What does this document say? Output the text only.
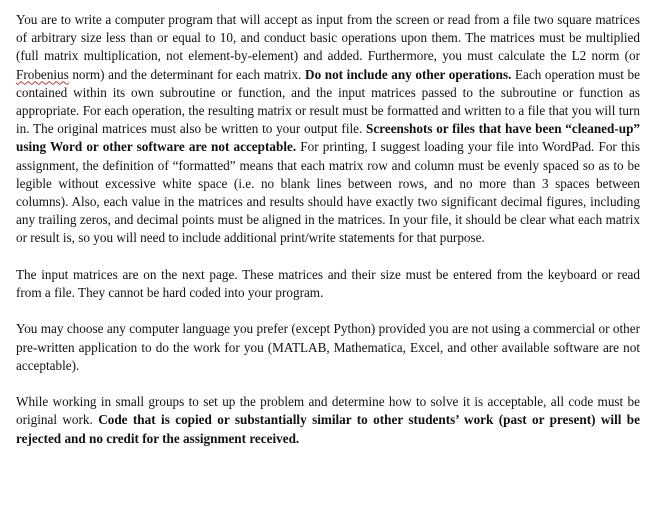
You are to write a computer program that will accept as input from the screen or read from a file two square matrices of arbitrary size less than or equal to 10, and conduct basic operations upon them. The matrices must be multiplied (full matrix multiplication, not element-by-element) and added. Furthermore, you must calculate the L2 norm (or Frobenius norm) and the determinant for each matrix. Do not include any other operations. Each operation must be contained within its own subroutine or function, and the input matrices passed to the subroutine or function as appropriate. For each operation, the resulting matrix or result must be formatted and written to a file that you will turn in. The original matrices must also be written to your output file. Screenshots or files that have been “cleaned-up” using Word or other software are not acceptable. For printing, I suggest loading your file into WordPad. For this assignment, the definition of “formatted” means that each matrix row and column must be evenly spaced so as to be legible without excessive white space (i.e. no blank lines between rows, and no more than 3 spaces between columns). Also, each value in the matrices and results should have exactly two significant decimal figures, including any trailing zeros, and decimal points must be aligned in the matrices. In your file, it should be clear what each matrix or result is, so you will need to include additional print/write statements for that purpose.

The input matrices are on the next page. These matrices and their size must be entered from the keyboard or read from a file. They cannot be hard coded into your program.

You may choose any computer language you prefer (except Python) provided you are not using a commercial or other pre-written application to do the work for you (MATLAB, Mathematica, Excel, and other available software are not acceptable).

While working in small groups to set up the problem and determine how to solve it is acceptable, all code must be original work. Code that is copied or substantially similar to other students’ work (past or present) will be rejected and no credit for the assignment received.
